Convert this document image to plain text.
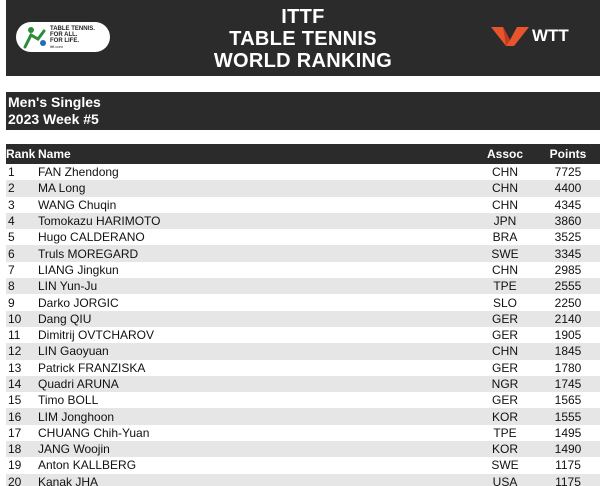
TABLE TENNIS.
FOR ALL.
FOR LIFE.
ittf.com
ITTF
TABLE TENNIS
WORLD RANKING
WTT
Men's Singles
2023 Week #5
Rank Name	Assoc	Points
1 FAN Zhendong	CHN	7725
2 MA Long	CHN	4400
3 WANG Chuqin	CHN	4345
4 Tomokazu HARIMOTO	JPN	3860
5 Hugo CALDERANO	BRA	3525
6 Truls MOREGARD	SWE	3345
7 LIANG Jingkun	CHN	2985
8 LIN Yun-Ju	TPE	2555
9 Darko JORGIC	SLO	2250
10 Dang QIU	GER	2140
11 Dimitrij OVTCHAROV	GER	1905
12 LIN Gaoyuan	CHN	1845
13 Patrick FRANZISKA	GER	1780
14 Quadri ARUNA	NGR	1745
15 Timo BOLL	GER	1565
16 LIM Jonghoon	KOR	1555
17 CHUANG Chih-Yuan	TPE	1495
18 JANG Woojin	KOR	1490
19 Anton KALLBERG	SWE	1175
20 Kanak JHA	USA	1175
